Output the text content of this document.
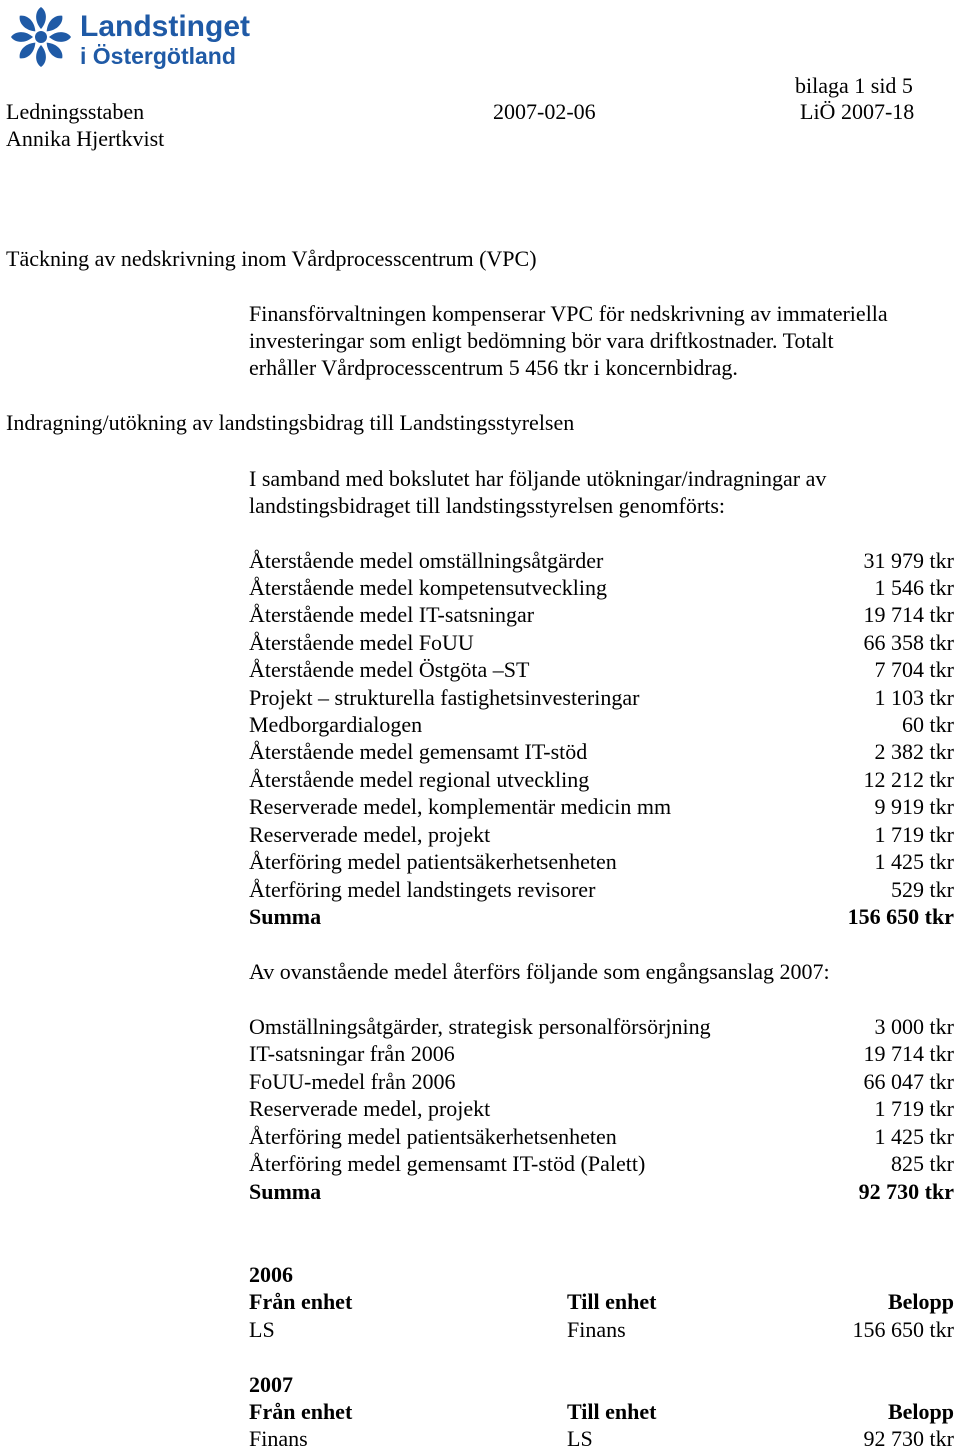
Landstinget
i Östergötland
bilaga 1 sid 5
Ledningsstaben	2007-02-06	LiÖ 2007-18
Annika Hjertkvist
Täckning av nedskrivning inom Vårdprocesscentrum (VPC)
Finansförvaltningen kompenserar VPC för nedskrivning av immateriella
investeringar som enligt bedömning bör vara driftkostnader. Totalt
erhåller Vårdprocesscentrum 5 456 tkr i koncernbidrag.
Indragning/utökning av landstingsbidrag till Landstingsstyrelsen
I samband med bokslutet har följande utökningar/indragningar av
landstingsbidraget till landstingsstyrelsen genomförts:
Återstående medel omställningsåtgärder	31 979 tkr
Återstående medel kompetensutveckling	1 546 tkr
Återstående medel IT-satsningar	19 714 tkr
Återstående medel FoUU	66 358 tkr
Återstående medel Östgöta –ST	7 704 tkr
Projekt – strukturella fastighetsinvesteringar	1 103 tkr
Medborgardialogen	60 tkr
Återstående medel gemensamt IT-stöd	2 382 tkr
Återstående medel regional utveckling	12 212 tkr
Reserverade medel, komplementär medicin mm	9 919 tkr
Reserverade medel, projekt	1 719 tkr
Återföring medel patientsäkerhetsenheten	1 425 tkr
Återföring medel landstingets revisorer	529 tkr
Summa	156 650 tkr
Av ovanstående medel återförs följande som engångsanslag 2007:
Omställningsåtgärder, strategisk personalförsörjning	3 000 tkr
IT-satsningar från 2006	19 714 tkr
FoUU-medel från 2006	66 047 tkr
Reserverade medel, projekt	1 719 tkr
Återföring medel patientsäkerhetsenheten	1 425 tkr
Återföring medel gemensamt IT-stöd (Palett)	825 tkr
Summa	92 730 tkr
2006
Från enhet	Till enhet	Belopp
LS	Finans	156 650 tkr
2007
Från enhet	Till enhet	Belopp
Finans	LS	92 730 tkr
